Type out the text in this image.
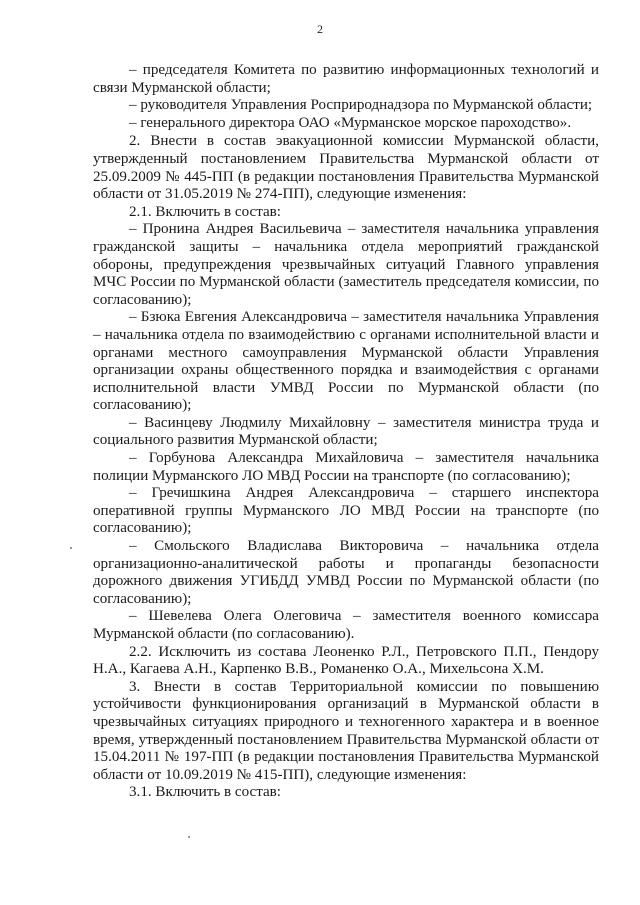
2

– председателя Комитета по развитию информационных технологий и связи Мурманской области;

– руководителя Управления Росприроднадзора по Мурманской области;

– генерального директора ОАО «Мурманское морское пароходство».

2. Внести в состав эвакуационной комиссии Мурманской области, утвержденный постановлением Правительства Мурманской области от 25.09.2009 № 445-ПП (в редакции постановления Правительства Мурманской области от 31.05.2019 № 274-ПП), следующие изменения:

2.1. Включить в состав:

– Пронина Андрея Васильевича – заместителя начальника управления гражданской защиты – начальника отдела мероприятий гражданской обороны, предупреждения чрезвычайных ситуаций Главного управления МЧС России по Мурманской области (заместитель председателя комиссии, по согласованию);

– Бзюка Евгения Александровича – заместителя начальника Управления – начальника отдела по взаимодействию с органами исполнительной власти и органами местного самоуправления Мурманской области Управления организации охраны общественного порядка и взаимодействия с органами исполнительной власти УМВД России по Мурманской области (по согласованию);

– Васинцеву Людмилу Михайловну – заместителя министра труда и социального развития Мурманской области;

– Горбунова Александра Михайловича – заместителя начальника полиции Мурманского ЛО МВД России на транспорте (по согласованию);

– Гречишкина Андрея Александровича – старшего инспектора оперативной группы Мурманского ЛО МВД России на транспорте (по согласованию);

– Смольского Владислава Викторовича – начальника отдела организационно-аналитической работы и пропаганды безопасности дорожного движения УГИБДД УМВД России по Мурманской области (по согласованию);

– Шевелева Олега Олеговича – заместителя военного комиссара Мурманской области (по согласованию).

2.2. Исключить из состава Леоненко Р.Л., Петровского П.П., Пендору Н.А., Кагаева А.Н., Карпенко В.В., Романенко О.А., Михельсона Х.М.

3. Внести в состав Территориальной комиссии по повышению устойчивости функционирования организаций в Мурманской области в чрезвычайных ситуациях природного и техногенного характера и в военное время, утвержденный постановлением Правительства Мурманской области от 15.04.2011 № 197-ПП (в редакции постановления Правительства Мурманской области от 10.09.2019 № 415-ПП), следующие изменения:

3.1. Включить в состав:
